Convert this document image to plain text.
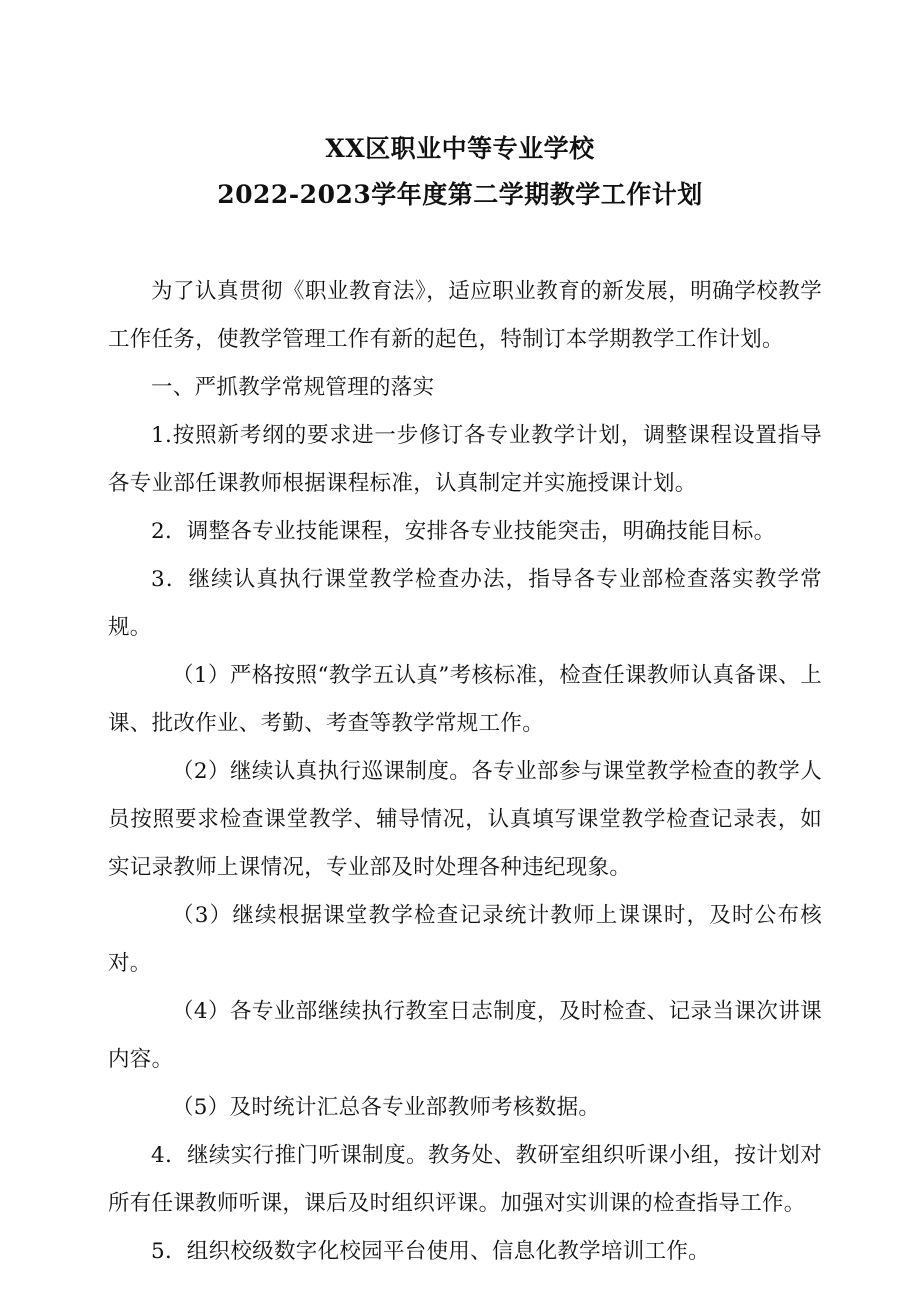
XX区职业中等专业学校
2022-2023学年度第二学期教学工作计划

为了认真贯彻《职业教育法》，适应职业教育的新发展，明确学校教学工作任务，使教学管理工作有新的起色，特制订本学期教学工作计划。

一、严抓教学常规管理的落实

1.按照新考纲的要求进一步修订各专业教学计划，调整课程设置指导各专业部任课教师根据课程标准，认真制定并实施授课计划。

2．调整各专业技能课程，安排各专业技能突击，明确技能目标。

3．继续认真执行课堂教学检查办法，指导各专业部检查落实教学常规。

（1）严格按照“教学五认真”考核标准，检查任课教师认真备课、上课、批改作业、考勤、考查等教学常规工作。

（2）继续认真执行巡课制度。各专业部参与课堂教学检查的教学人员按照要求检查课堂教学、辅导情况，认真填写课堂教学检查记录表，如实记录教师上课情况，专业部及时处理各种违纪现象。

（3）继续根据课堂教学检查记录统计教师上课课时，及时公布核对。

（4）各专业部继续执行教室日志制度，及时检查、记录当课次讲课内容。

（5）及时统计汇总各专业部教师考核数据。

4．继续实行推门听课制度。教务处、教研室组织听课小组，按计划对所有任课教师听课，课后及时组织评课。加强对实训课的检查指导工作。

5．组织校级数字化校园平台使用、信息化教学培训工作。
